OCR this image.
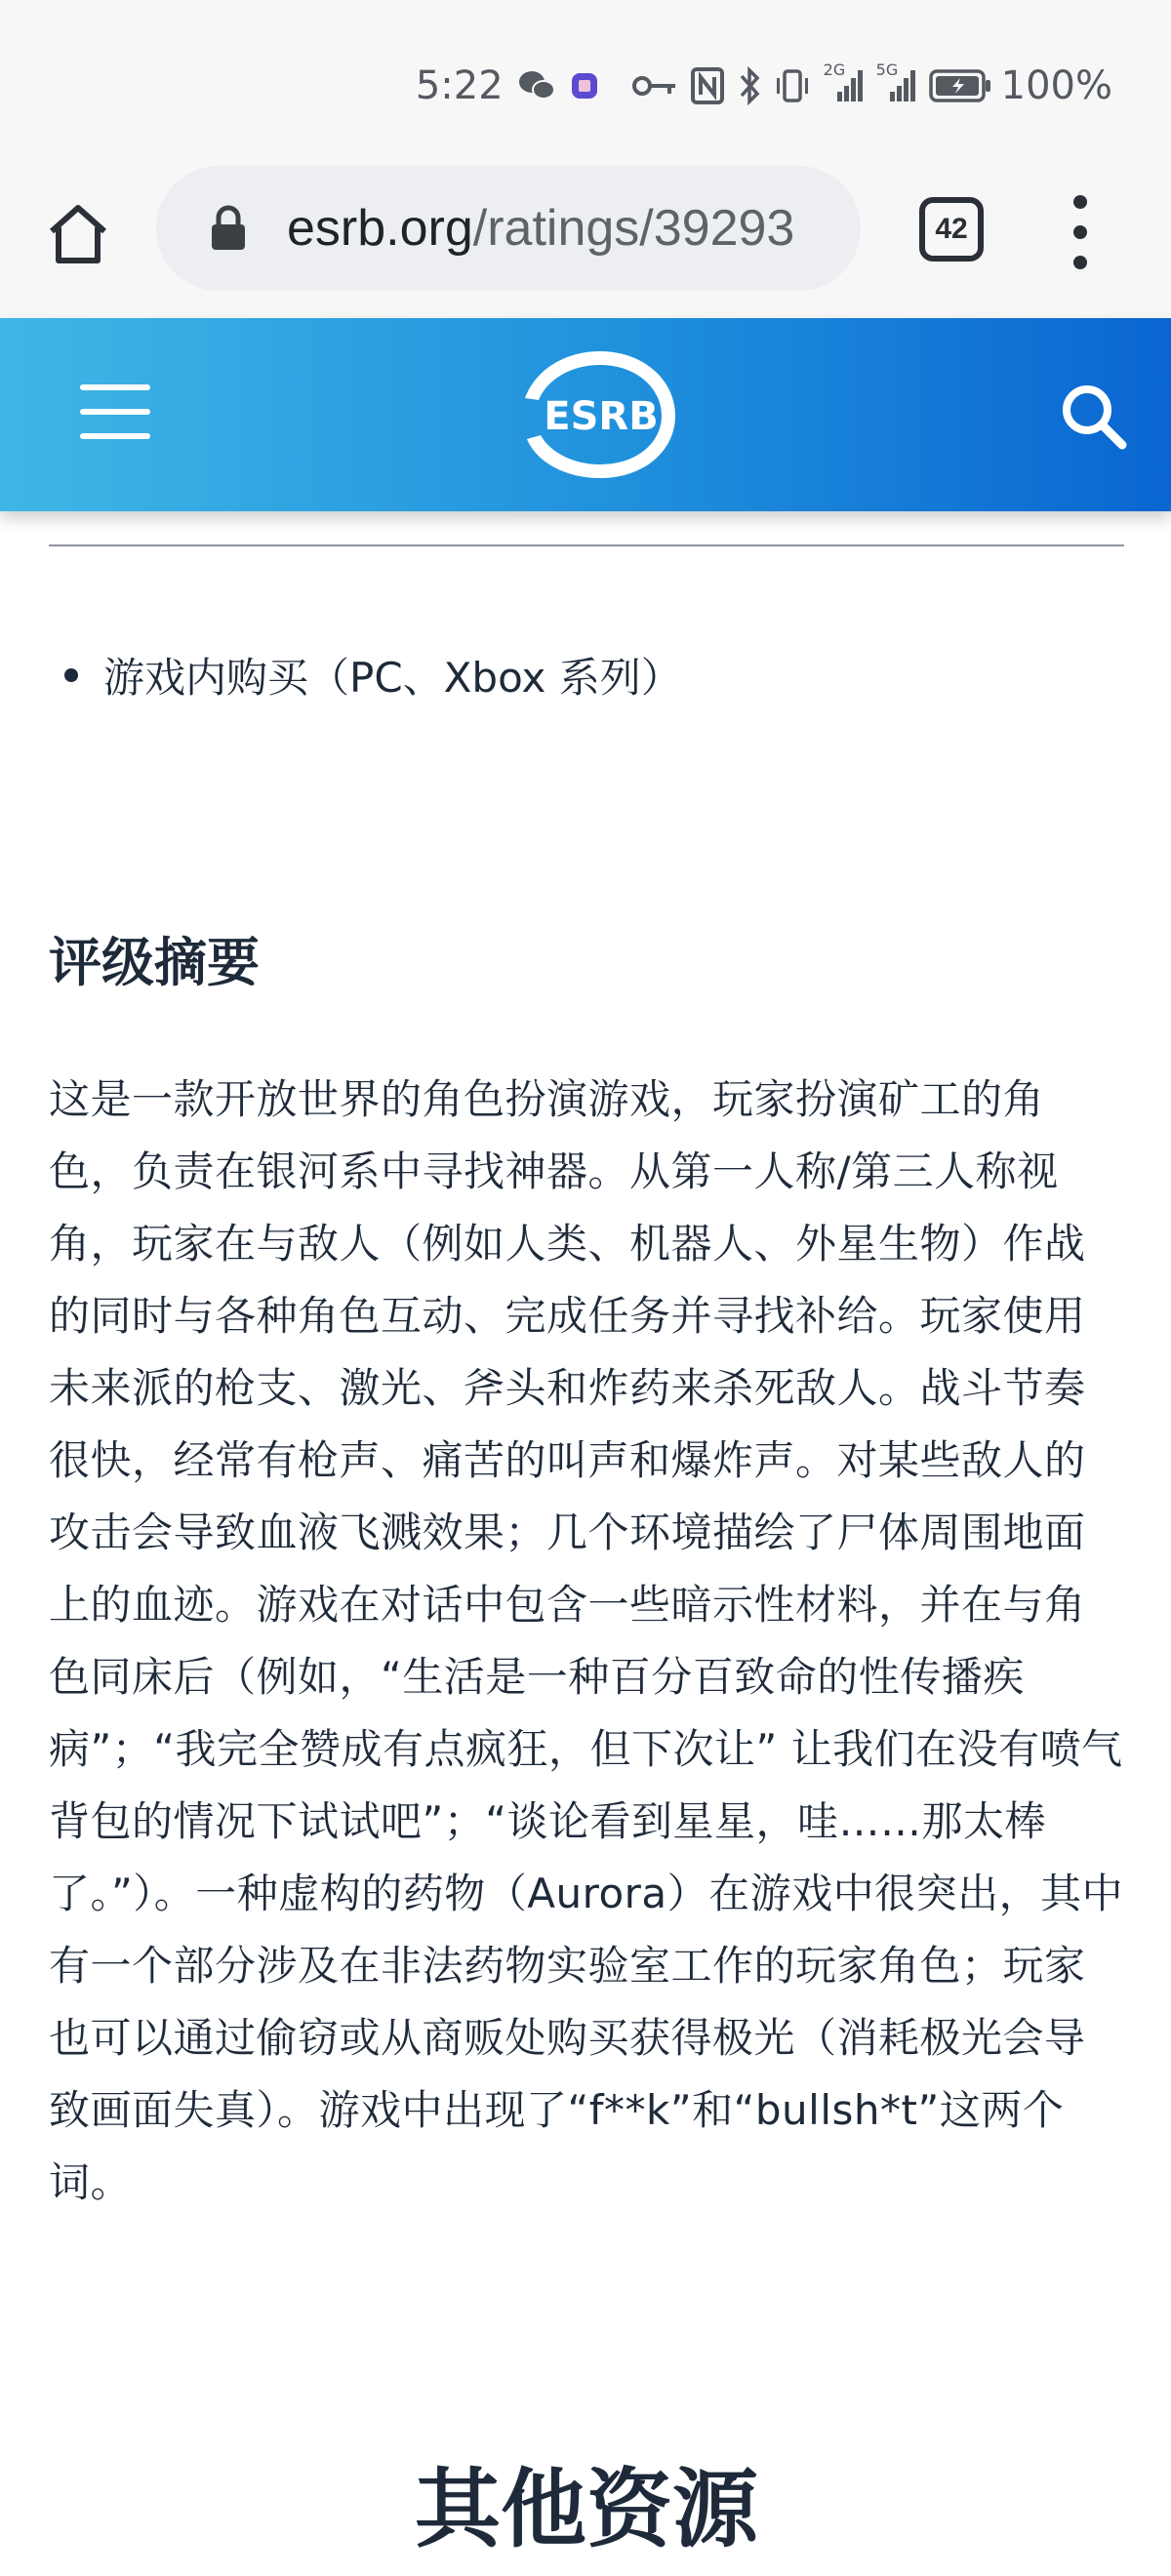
5:22	2G 5G	100%
esrb.org/ratings/39293	42
ESRB
游戏内购买（PC、Xbox 系列）
评级摘要

这是一款开放世界的角色扮演游戏，玩家扮演矿工的角色，负责在银河系中寻找神器。从第一人称/第三人称视角，玩家在与敌人（例如人类、机器人、外星生物）作战的同时与各种角色互动、完成任务并寻找补给。玩家使用未来派的枪支、激光、斧头和炸药来杀死敌人。战斗节奏很快，经常有枪声、痛苦的叫声和爆炸声。对某些敌人的攻击会导致血液飞溅效果；几个环境描绘了尸体周围地面上的血迹。游戏在对话中包含一些暗示性材料，并在与角色同床后（例如，“生活是一种百分百致命的性传播疾病”；“我完全赞成有点疯狂，但下次让” 让我们在没有喷气背包的情况下试试吧”；“谈论看到星星，哇……那太棒了。”）。一种虚构的药物（Aurora）在游戏中很突出，其中有一个部分涉及在非法药物实验室工作的玩家角色；玩家也可以通过偷窃或从商贩处购买获得极光（消耗极光会导致画面失真）。游戏中出现了“f**k”和“bullsh*t”这两个词。

其他资源
